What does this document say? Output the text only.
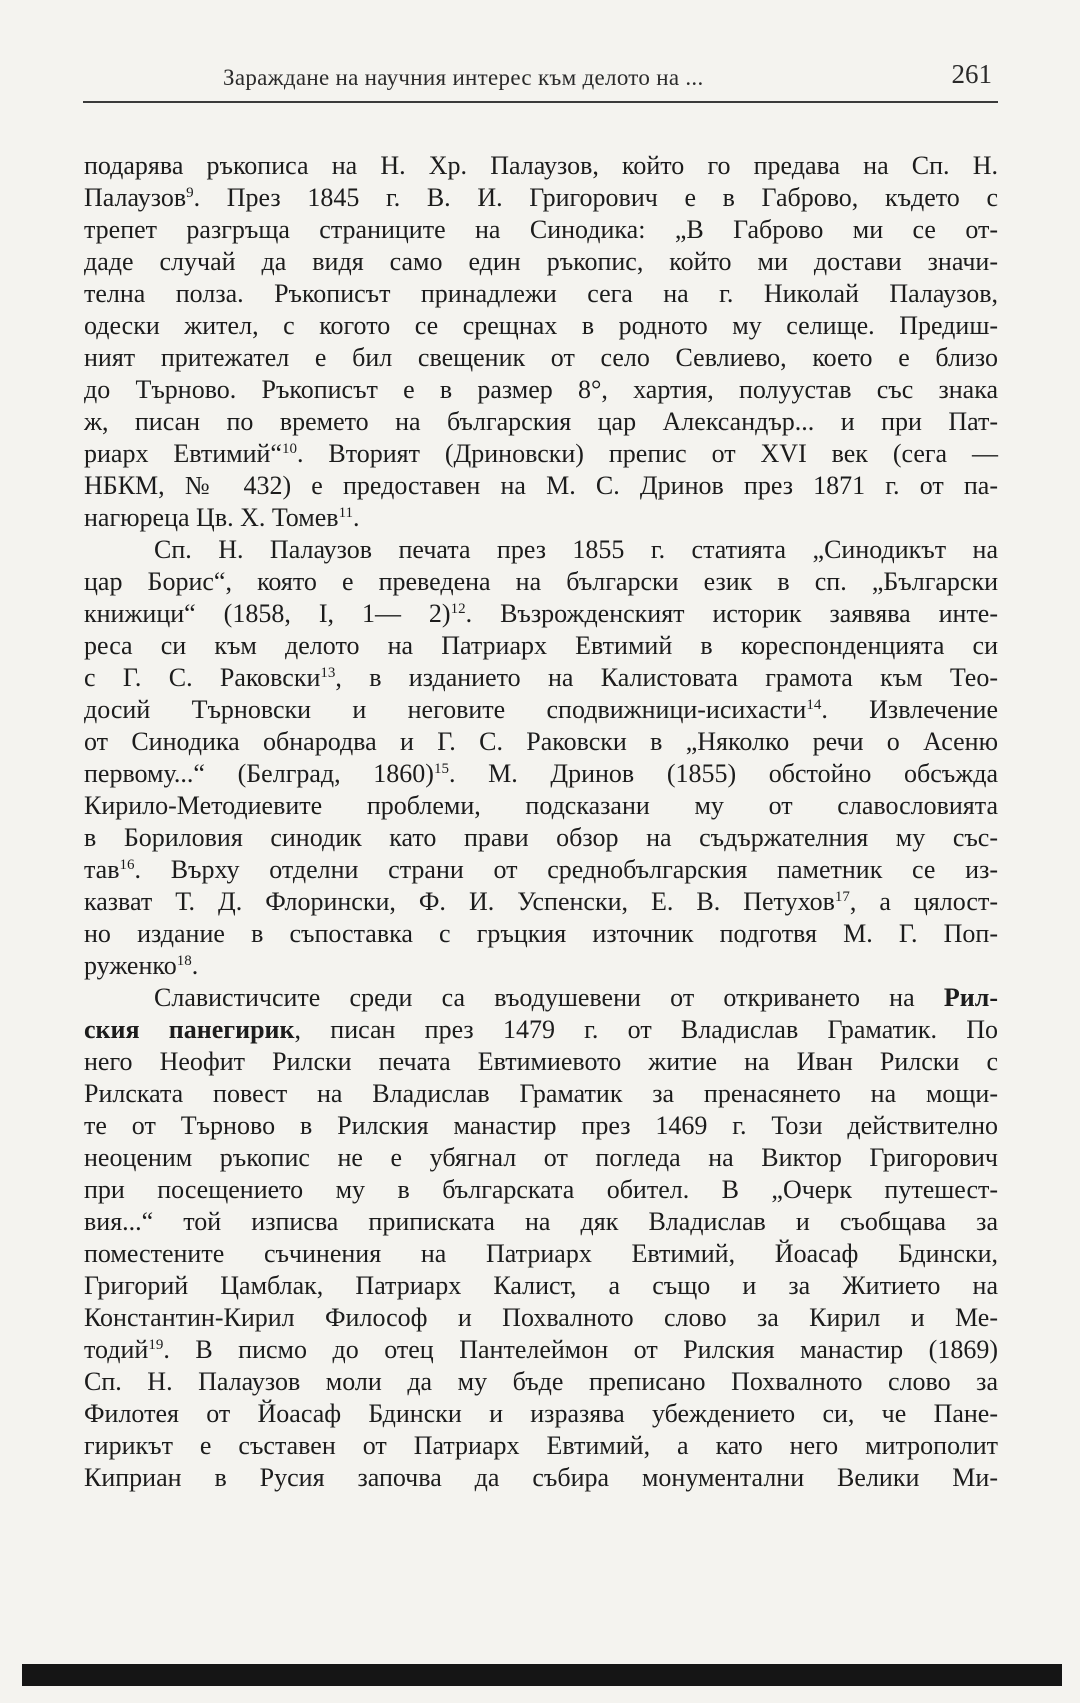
Зараждане на научния интерес към делото на ...	261
подарява ръкописа на Н. Хр. Палаузов, който го предава на Сп. Н.
Палаузов$^9$. През 1845 г. В. И. Григорович е в Габрово, където с
трепет разгръща страниците на Синодика: „В Габрово ми се от-
даде случай да видя само един ръкопис, който ми достави значи-
телна полза. Ръкописът принадлежи сега на г. Николай Палаузов,
одески жител, с когото се срещнах в родното му селище. Предиш-
ният притежател е бил свещеник от село Севлиево, което е близо
до Търново. Ръкописът е в размер 8°, хартия, полуустав със знака
ж, писан по времето на българския цар Александър... и при Пат-
риарх Евтимий“$^{10}$. Вторият (Дриновски) препис от XVI век (сега —
НБКМ, № 432) е предоставен на М. С. Дринов през 1871 г. от па-
нагюреца Цв. Х. Томев$^{11}$.
Сп. Н. Палаузов печата през 1855 г. статията „Синодикът на
цар Борис“, която е преведена на български език в сп. „Български
книжици“ (1858, I, 1— 2)$^{12}$. Възрожденският историк заявява инте-
реса си към делото на Патриарх Евтимий в кореспонденцията си
с Г. С. Раковски$^{13}$, в изданието на Калистовата грамота към Тео-
досий Търновски и неговите сподвижници-исихасти$^{14}$. Извлечение
от Синодика обнародва и Г. С. Раковски в „Няколко речи о Асеню
первому...“ (Белград, 1860)$^{15}$. М. Дринов (1855) обстойно обсъжда
Кирило-Методиевите проблеми, подсказани му от славословията
в Бориловия синодик като прави обзор на съдържателния му със-
тав$^{16}$. Върху отделни страни от среднобългарския паметник се из-
казват Т. Д. Флорински, Ф. И. Успенски, Е. В. Петухов$^{17}$, а цялост-
но издание в съпоставка с гръцкия източник подготвя М. Г. Поп-
руженко$^{18}$.
Славистичсите среди са въодушевени от откриването на Рил-
ския панегирик, писан през 1479 г. от Владислав Граматик. По
него Неофит Рилски печата Евтимиевото житие на Иван Рилски с
Рилската повест на Владислав Граматик за пренасянето на мощи-
те от Търново в Рилския манастир през 1469 г. Този действително
неоценим ръкопис не е убягнал от погледа на Виктор Григорович
при посещението му в българската обител. В „Очерк путешест-
вия...“ той изписва приписката на дяк Владислав и съобщава за
поместените съчинения на Патриарх Евтимий, Йоасаф Бдински,
Григорий Цамблак, Патриарх Калист, а също и за Житието на
Константин-Кирил Философ и Похвалното слово за Кирил и Ме-
тодий$^{19}$. В писмо до отец Пантелеймон от Рилския манастир (1869)
Сп. Н. Палаузов моли да му бъде преписано Похвалното слово за
Филотея от Йоасаф Бдински и изразява убеждението си, че Пане-
гирикът е съставен от Патриарх Евтимий, а като него митрополит
Киприан в Русия започва да събира монументални Велики Ми-
